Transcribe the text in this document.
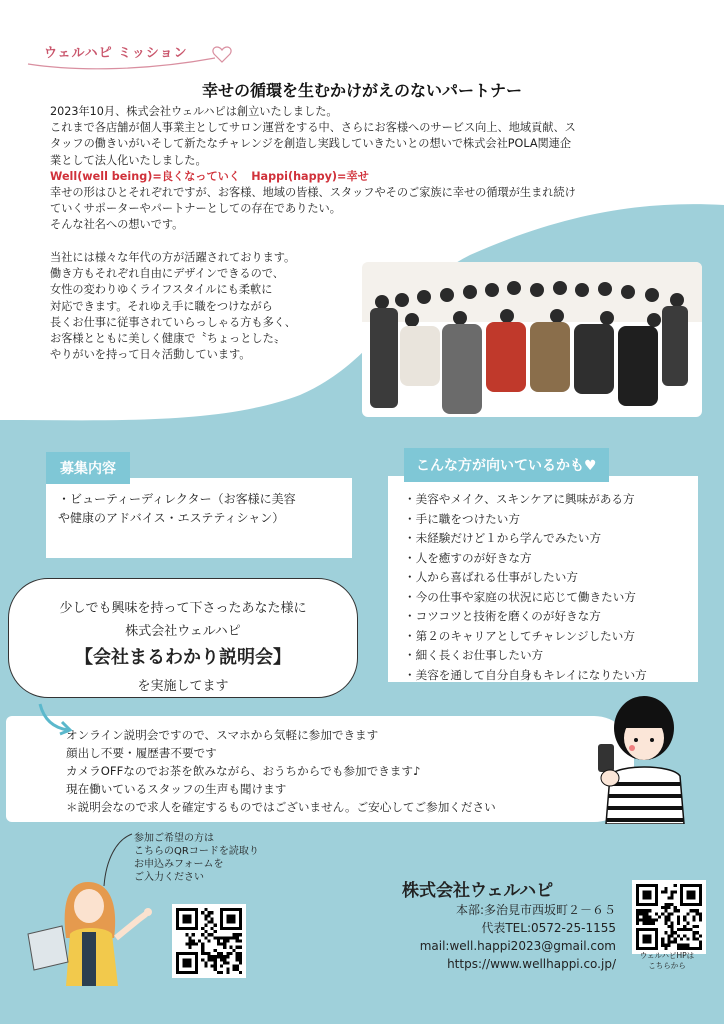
ウェルハピ ミッション
幸せの循環を生むかけがえのないパートナー

2023年10月、株式会社ウェルハピは創立いたしました。

これまで各店舗が個人事業主としてサロン運営をする中、さらにお客様へのサービス向上、地域貢献、ス

タッフの働きいがいそして新たなチャレンジを創造し実践していきたいとの想いで株式会社POLA関連企

業として法人化いたしました。

Well(well being)=良くなっていく　Happi(happy)=幸せ

幸せの形はひとそれぞれですが、お客様、地域の皆様、スタッフやそのご家族に幸せの循環が生まれ続け

ていくサポーターやパートナーとしての存在でありたい。

そんな社名への想いです。

当社には様々な年代の方が活躍されております。

働き方もそれぞれ自由にデザインできるので、

女性の変わりゆくライフスタイルにも柔軟に

対応できます。それゆえ手に職をつけながら

長くお仕事に従事されていらっしゃる方も多く、

お客様とともに美しく健康で〝ちょっとした〟

やりがいを持って日々活動しています。

・ビューティーディレクター（お客様に美容
や健康のアドバイス・エステティシャン）
募集内容
・美容やメイク、スキンケアに興味がある方
・手に職をつけたい方
・未経験だけど１から学んでみたい方
・人を癒すのが好きな方
・人から喜ばれる仕事がしたい方
・今の仕事や家庭の状況に応じて働きたい方
・コツコツと技術を磨くのが好きな方
・第２のキャリアとしてチャレンジしたい方
・細く長くお仕事したい方
・美容を通して自分自身もキレイになりたい方
こんな方が向いているかも♥
少しでも興味を持って下さったあなた様に
株式会社ウェルハピ
【会社まるわかり説明会】
を実施してます
オンライン説明会ですので、スマホから気軽に参加できます
顔出し不要・履歴書不要です
カメラOFFなのでお茶を飲みながら、おうちからでも参加できます♪
現在働いているスタッフの生声も聞けます
＊説明会なので求人を確定するものではございません。ご安心してご参加ください
参加ご希望の方は
こちらのQRコードを読取り
お申込みフォームを
ご入力ください
ウェルハピHPは
こちらから
株式会社ウェルハピ
本部:多治見市西坂町２－６５
代表TEL:0572-25-1155
mail:well.happi2023@gmail.com
https://www.wellhappi.co.jp/
